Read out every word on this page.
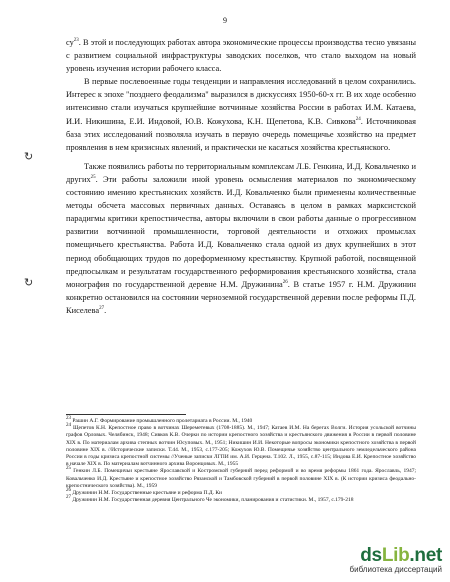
9

$су^{23}$. В этой и последующих работах автора экономические процессы производства тесно увязаны с развитием социальной инфраструктуры заводских поселков, что стало выходом на новый уровень изучения истории рабочего класса.

В первые послевоенные годы тенденции и направления исследований в целом сохранились. Интерес к эпохе "позднего феодализма" выразился в дискуссиях 1950-60-х гг. В их ходе особенно интенсивно стали изучаться крупнейшие вотчинные хозяйства России в работах И.М. Катаева, И.И. Никишина, Е.И. Индовой, Ю.В. Кожухова, К.Н. Щепетова, К.В. Сивкова$^{24}$. Источниковая база этих исследований позволяла изучать в первую очередь помещичье хозяйство на предмет проявления в нем кризисных явлений, и практически не касаться хозяйства крестьянского.

Также появились работы по территориальным комплексам Л.Б. Генкина, И.Д. Ковальченко и других$^{25}$. Эти работы заложили иной уровень осмысления материалов по экономическому состоянию имению крестьянских хозяйств. И.Д. Ковальченко были применены количественные методы обсчета массовых первичных данных. Оставаясь в целом в рамках марксистской парадигмы критики крепостничества, авторы включили в свои работы данные о прогрессивном развитии вотчинной промышленности, торговой деятельности и отхожих промыслах помещичьего крестьянства. Работа И.Д. Ковальченко стала одной из двух крупнейших в этот период обобщающих трудов по дореформенному крестьянству. Крупной работой, посвященной предпосылкам и результатам государственного реформирования крестьянского хозяйства, стала монография по государственной деревне Н.М. Дружинина$^{26}$. В статье 1957 г. Н.М. Дружинин конкретно остановился на состоянии черноземной государственной деревни после реформы П.Д. Киселева$^{27}$.

↻
↻

$^{23}$ Рашин А.Г. Формирование промышленного пролетариата в России. М., 1940

$^{24}$ Щепетов К.Н. Крепостное право в вотчинах Шереметевых (1708-1885). М., 1947; Катаев И.М. На берегах Волги. История усольской вотчины графов Орловых. Челябинск, 1948; Сивков К.В. Очерки по истории крепостного хозяйства и крестьянского движения в России в первой половине XIX в. По материалам архива степных вотчин Юсуповых. М., 1951; Никишин И.И. Некоторые вопросы экономики крепостного хозяйства в первой половине XIX в. //Исторические записки. Т.44. М., 1953, с.177-205; Кожухов Ю.В. Помещичье хозяйство центрального земледельческого района России в годы кризиса крепостной системы //Ученые записки ЛГПИ им. А.И. Герцена. Т.102. Л., 1955, с.87-115; Индова Е.И. Крепостное хозяйство в начале XIX в. По материалам вотчинного архива Воронцовых. М., 1955

$^{25}$ Генкин Л.Б. Помещичьи крестьяне Ярославской и Костромской губерний перед реформой и во время реформы 1861 года. Ярославль, 1947; Ковальченко И.Д. Крестьяне и крепостное хозяйство Рязанской и Тамбовской губерний в первой половине XIX в. (К истории кризиса феодально-крепостнического хозяйства). М., 1959

$^{26}$ Дружинин Н.М. Государственные крестьяне и реформа П.Д. Ки

$^{27}$ Дружинин Н.М. Государственная деревня Центрального Че экономики, планирования и статистики. М., 1957, с.179-218

dsLib.net
библиотека диссертаций
